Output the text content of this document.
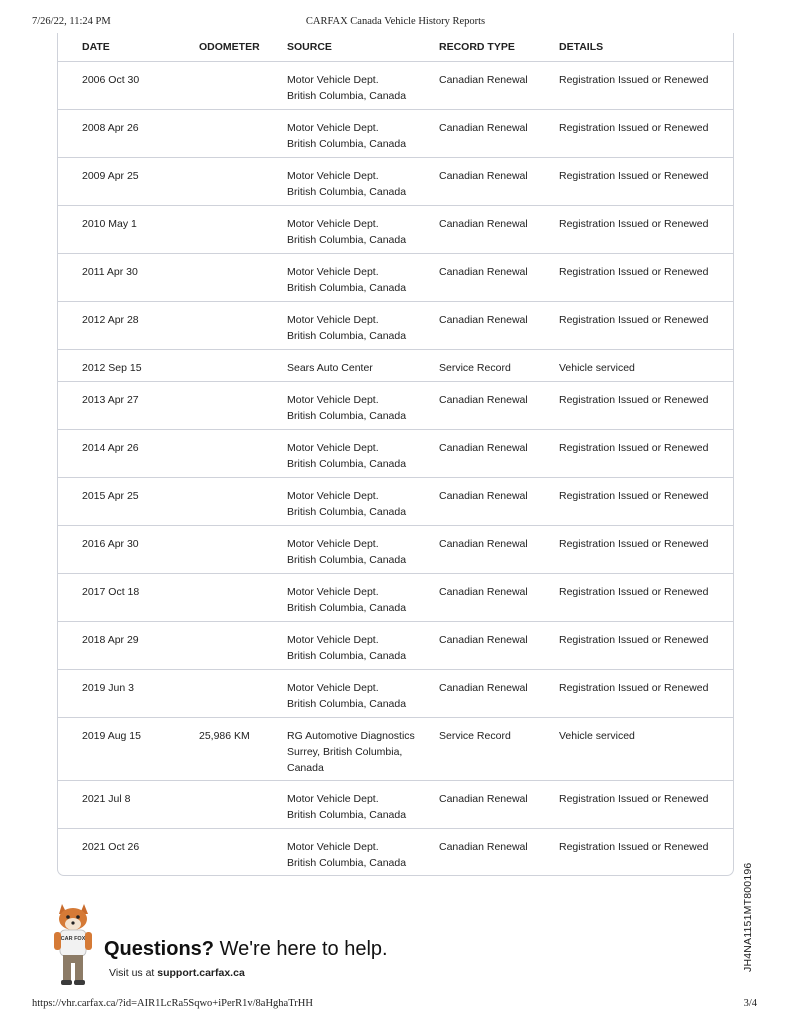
7/26/22, 11:24 PM	CARFAX Canada Vehicle History Reports
DATE	ODOMETER	SOURCE	RECORD TYPE	DETAILS
2006 Oct 30		Motor Vehicle Dept.
British Columbia, Canada	Canadian Renewal	Registration Issued or Renewed
2008 Apr 26		Motor Vehicle Dept.
British Columbia, Canada	Canadian Renewal	Registration Issued or Renewed
2009 Apr 25		Motor Vehicle Dept.
British Columbia, Canada	Canadian Renewal	Registration Issued or Renewed
2010 May 1		Motor Vehicle Dept.
British Columbia, Canada	Canadian Renewal	Registration Issued or Renewed
2011 Apr 30		Motor Vehicle Dept.
British Columbia, Canada	Canadian Renewal	Registration Issued or Renewed
2012 Apr 28		Motor Vehicle Dept.
British Columbia, Canada	Canadian Renewal	Registration Issued or Renewed
2012 Sep 15		Sears Auto Center	Service Record	Vehicle serviced
2013 Apr 27		Motor Vehicle Dept.
British Columbia, Canada	Canadian Renewal	Registration Issued or Renewed
2014 Apr 26		Motor Vehicle Dept.
British Columbia, Canada	Canadian Renewal	Registration Issued or Renewed
2015 Apr 25		Motor Vehicle Dept.
British Columbia, Canada	Canadian Renewal	Registration Issued or Renewed
2016 Apr 30		Motor Vehicle Dept.
British Columbia, Canada	Canadian Renewal	Registration Issued or Renewed
2017 Oct 18		Motor Vehicle Dept.
British Columbia, Canada	Canadian Renewal	Registration Issued or Renewed
2018 Apr 29		Motor Vehicle Dept.
British Columbia, Canada	Canadian Renewal	Registration Issued or Renewed
2019 Jun 3		Motor Vehicle Dept.
British Columbia, Canada	Canadian Renewal	Registration Issued or Renewed
2019 Aug 15	25,986 KM	RG Automotive Diagnostics
Surrey, British Columbia,
Canada	Service Record	Vehicle serviced
2021 Jul 8		Motor Vehicle Dept.
British Columbia, Canada	Canadian Renewal	Registration Issued or Renewed
2021 Oct 26		Motor Vehicle Dept.
British Columbia, Canada	Canadian Renewal	Registration Issued or Renewed
JH4NA1151MT800196
CAR FOX Questions? We're here to help.
Visit us at support.carfax.ca
https://vhr.carfax.ca/?id=AIR1LcRa5Sqwo+iPerR1v/8aHghaTrHH	3/4
